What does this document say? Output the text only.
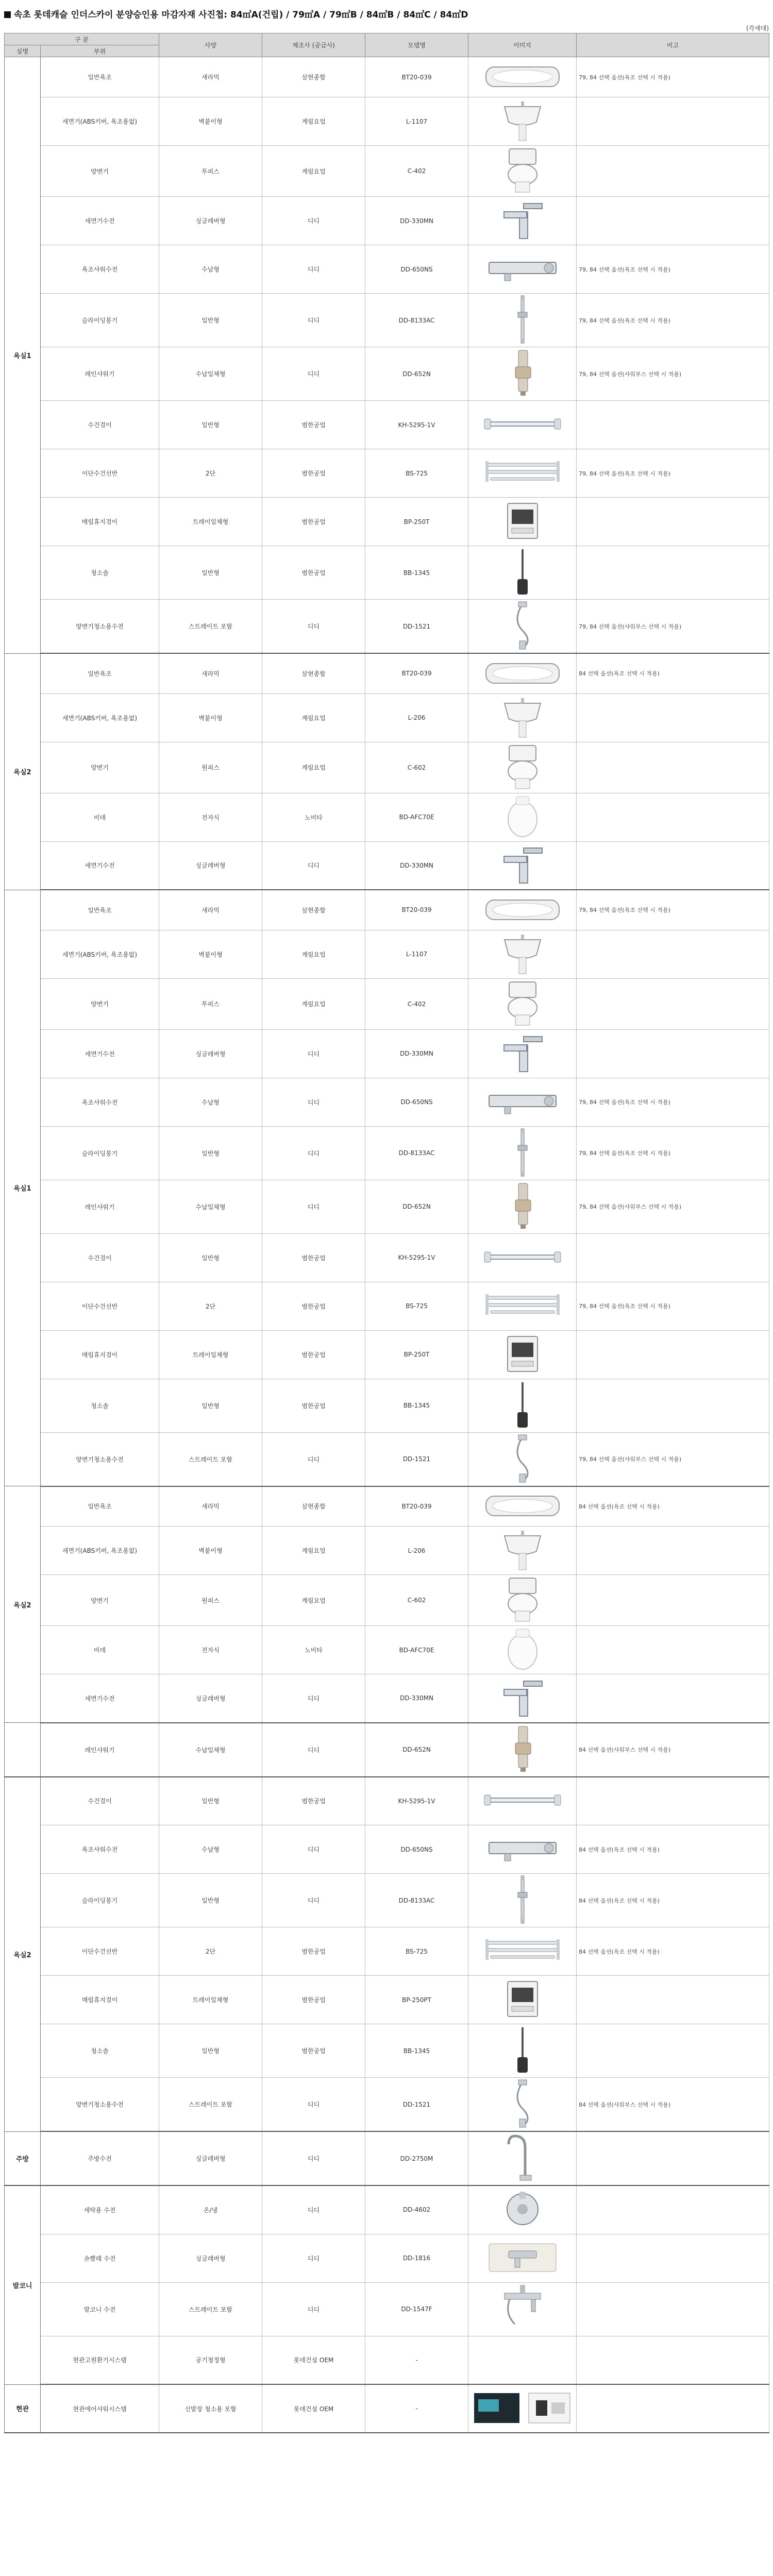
속초 롯데캐슬 인더스카이 분양승인용 마감자재 사진첩: 84㎡A(건립) / 79㎡A / 79㎡B / 84㎡B / 84㎡C / 84㎡D
(각세대)
구 분		사양	제조사 (공급사)	모델명	이미지	비고
실명	부위					
욕실1	일반욕조	새라믹	삼현종합	BT20-039		79, 84 선택 옵션(욕조 선택 시 적용)
	세면기(ABS키버, 욕조용없)	벽붙이형	계림요업	L-1107	

	양변기	투피스	계림요업	C-402	

	세면기수전	싱글레버형	디디	DD-330MN	

	욕조샤워수전	수납형	디디	DD-650NS		79, 84 선택 옵션(욕조 선택 시 적용)
	슬라이딩봉기	일반형	디디	DD-8133AC		79, 84 선택 옵션(욕조 선택 시 적용)
	레인샤워기	수납일체형	디디	DD-652N		79, 84 선택 옵션(샤워부스 선택 시 적용)
	수건걸이	일반형	범한공업	KH-5295-1V	

	이단수건선반	2단	범한공업	BS-725		79, 84 선택 옵션(욕조 선택 시 적용)
	매립휴지걸이	트레이일체형	범한공업	BP-250T	

	청소솔	일반형	범한공업	BB-1345	

	양변기청소용수전	스트레이트 포함	디디	DD-1521		79, 84 선택 옵션(샤워부스 선택 시 적용)
욕실2	일반욕조	새라믹	삼현종합	BT20-039		84 선택 옵션(욕조 선택 시 적용)
	세면기(ABS키버, 욕조용없)	벽붙이형	계림요업	L-206	

	양변기	원피스	계림요업	C-602	

	비데	전자식	노비타	BD-AFC70E	

	세면기수전	싱글레버형	디디	DD-330MN	

욕실1	일반욕조	새라믹	삼현종합	BT20-039		79, 84 선택 옵션(욕조 선택 시 적용)
	세면기(ABS키버, 욕조용없)	벽붙이형	계림요업	L-1107	

	양변기	투피스	계림요업	C-402	

	세면기수전	싱글레버형	디디	DD-330MN	

	욕조샤워수전	수납형	디디	DD-650NS		79, 84 선택 옵션(욕조 선택 시 적용)
	슬라이딩봉기	일반형	디디	DD-8133AC		79, 84 선택 옵션(욕조 선택 시 적용)
	레인샤워기	수납일체형	디디	DD-652N		79, 84 선택 옵션(샤워부스 선택 시 적용)
	수건걸이	일반형	범한공업	KH-5295-1V	

	이단수건선반	2단	범한공업	BS-725		79, 84 선택 옵션(욕조 선택 시 적용)
	매립휴지걸이	트레이일체형	범한공업	BP-250T	

	청소솔	일반형	범한공업	BB-1345	

	양변기청소용수전	스트레이트 포함	디디	DD-1521		79, 84 선택 옵션(샤워부스 선택 시 적용)
욕실2	일반욕조	새라믹	삼현종합	BT20-039		84 선택 옵션(욕조 선택 시 적용)
	세면기(ABS키버, 욕조용없)	벽붙이형	계림요업	L-206	

	양변기	원피스	계림요업	C-602	

	비데	전자식	노비타	BD-AFC70E	

	세면기수전	싱글레버형	디디	DD-330MN	

	레인샤워기	수납일체형	디디	DD-652N		84 선택 옵션(샤워부스 선택 시 적용)
욕실2	수건걸이	일반형	범한공업	KH-5295-1V	

	욕조샤워수전	수납형	디디	DD-650NS		84 선택 옵션(욕조 선택 시 적용)
	슬라이딩봉기	일반형	디디	DD-8133AC		84 선택 옵션(욕조 선택 시 적용)
	이단수건선반	2단	범한공업	BS-725		84 선택 옵션(욕조 선택 시 적용)
	매립휴지걸이	트레이일체형	범한공업	BP-250PT	

	청소솔	일반형	범한공업	BB-1345	

	양변기청소용수전	스트레이트 포함	디디	DD-1521		84 선택 옵션(샤워부스 선택 시 적용)
주방	주방수전	싱글레버형	디디	DD-2750M	

발코니	세탁용 수전	온/냉	디디	DD-4602	

	손빨래 수전	싱글레버형	디디	DD-1816	

	발코니 수전	스트레이트 포함	디디	DD-1547F	

	현관고원환기시스템	공기청정형	롯데건설 OEM	-		
현관	현관에어샤워시스템	신발장 청소용 포함	롯데건설 OEM	-	
